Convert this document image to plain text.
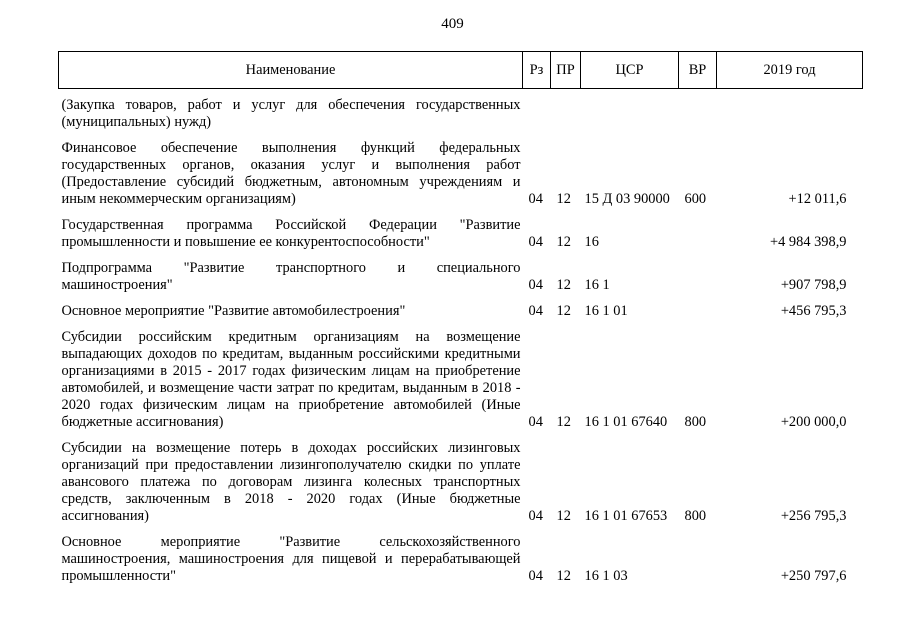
409
Наименование	Рз	ПР	ЦСР	ВР	2019 год
(Закупка товаров, работ и услуг для обеспечения государственных (муниципальных) нужд)					

Финансовое обеспечение выполнения функций федеральных государственных органов, оказания услуг и выполнения работ (Предоставление субсидий бюджетным, автономным учреждениям и иным некоммерческим организациям)	04	12	15 Д 03 90000	600	+12 011,6

Государственная программа Российской Федерации "Развитие промышленности и повышение ее конкурентоспособности"	04	12	16		+4 984 398,9

Подпрограмма "Развитие транспортного и специального машиностроения"	04	12	16 1		+907 798,9

Основное мероприятие "Развитие автомобилестроения"	04	12	16 1 01		+456 795,3

Субсидии российским кредитным организациям на возмещение выпадающих доходов по кредитам, выданным российскими кредитными организациями в 2015 - 2017 годах физическим лицам на приобретение автомобилей, и возмещение части затрат по кредитам, выданным в 2018 - 2020 годах физическим лицам на приобретение автомобилей (Иные бюджетные ассигнования)	04	12	16 1 01 67640	800	+200 000,0

Субсидии на возмещение потерь в доходах российских лизинговых организаций при предоставлении лизингополучателю скидки по уплате авансового платежа по договорам лизинга колесных транспортных средств, заключенным в 2018 - 2020 годах (Иные бюджетные ассигнования)	04	12	16 1 01 67653	800	+256 795,3

Основное мероприятие "Развитие сельскохозяйственного машиностроения, машиностроения для пищевой и перерабатывающей промышленности"	04	12	16 1 03		+250 797,6
